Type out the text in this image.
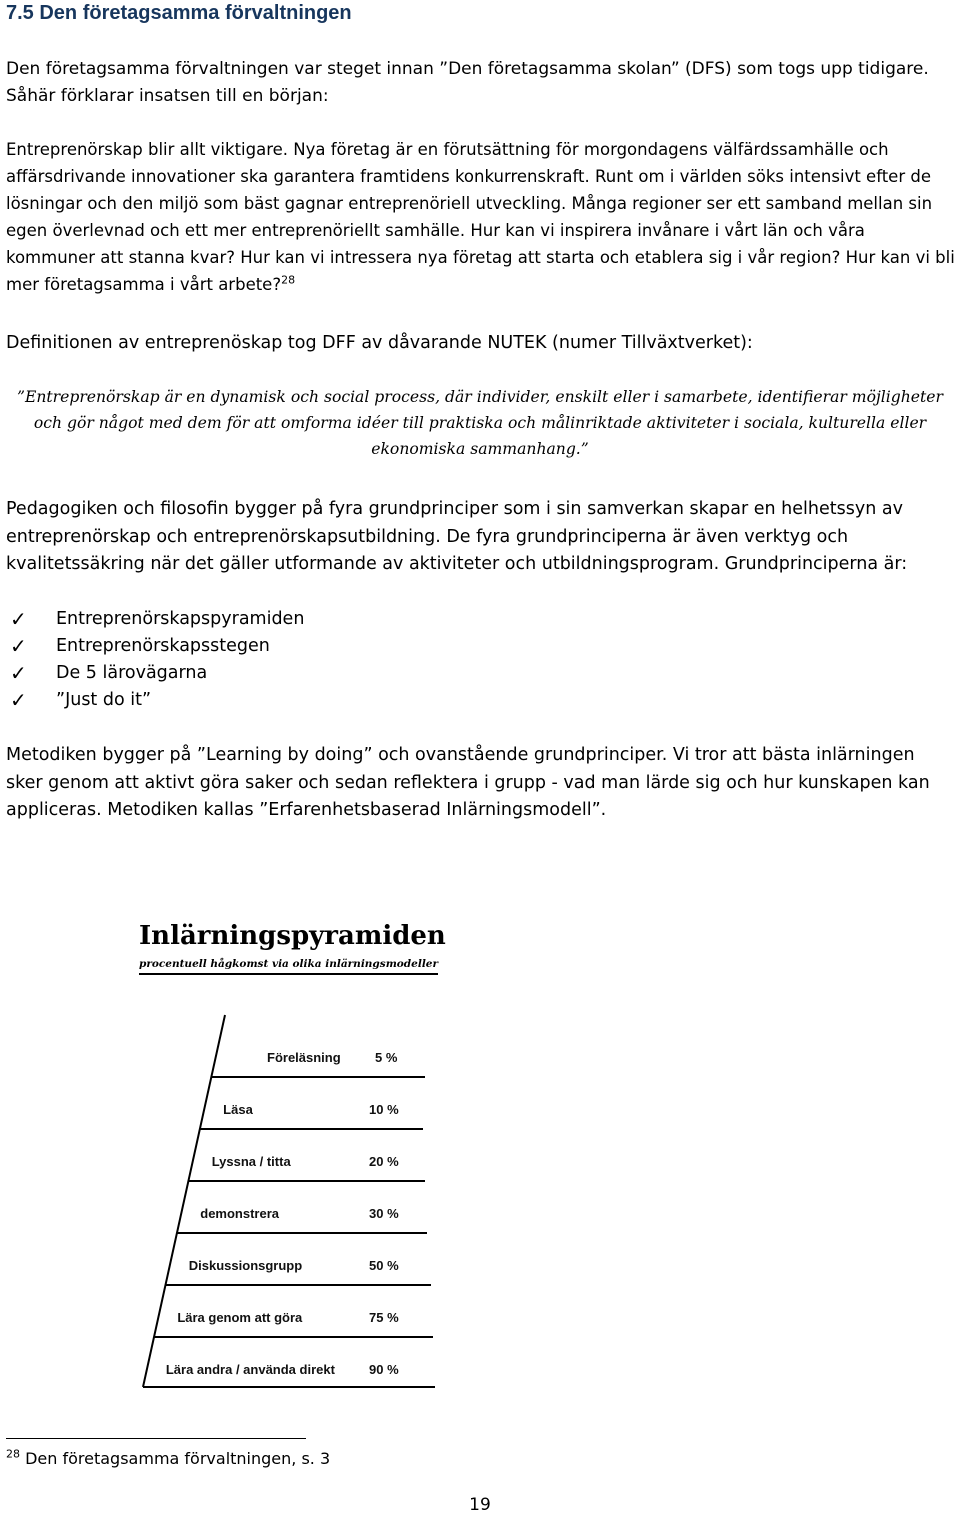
7.5 Den företagsamma förvaltningen

Den företagsamma förvaltningen var steget innan ”Den företagsamma skolan” (DFS) som togs upp tidigare. Såhär förklarar insatsen till en början:

Entreprenörskap blir allt viktigare. Nya företag är en förutsättning för morgondagens välfärdssamhälle och affärsdrivande innovationer ska garantera framtidens konkurrenskraft. Runt om i världen söks intensivt efter de lösningar och den miljö som bäst gagnar entreprenöriell utveckling. Många regioner ser ett samband mellan sin egen överlevnad och ett mer entreprenöriellt samhälle. Hur kan vi inspirera invånare i vårt län och våra kommuner att stanna kvar? Hur kan vi intressera nya företag att starta och etablera sig i vår region? Hur kan vi bli mer företagsamma i vårt arbete?$^{28}$

Definitionen av entreprenöskap tog DFF av dåvarande NUTEK (numer Tillväxtverket):

”Entreprenörskap är en dynamisk och social process, där individer, enskilt eller i samarbete, identifierar möjligheter och gör något med dem för att omforma idéer till praktiska och målinriktade aktiviteter i sociala, kulturella eller ekonomiska sammanhang.”

Pedagogiken och filosofin bygger på fyra grundprinciper som i sin samverkan skapar en helhetssyn av entreprenörskap och entreprenörskapsutbildning. De fyra grundprinciperna är även verktyg och kvalitetssäkring när det gäller utformande av aktiviteter och utbildningsprogram. Grundprinciperna är:

✓	Entreprenörskapspyramiden
✓	Entreprenörskapsstegen
✓	De 5 lärovägarna
✓	”Just do it”

Metodiken bygger på ”Learning by doing” och ovanstående grundprinciper. Vi tror att bästa inlärningen sker genom att aktivt göra saker och sedan reflektera i grupp - vad man lärde sig och hur kunskapen kan appliceras. Metodiken kallas ”Erfarenhetsbaserad Inlärningsmodell”.

Föreläsning	5 %
Läsa	10 %
Lyssna / titta	20 %
demonstrera	30 %
Diskussionsgrupp	50 %
Lära genom att göra	75 %
Lära andra / använda direkt	90 %

Inlärningspyramiden

procentuell hågkomst via olika inlärningsmodeller

$^{28}$ Den företagsamma förvaltningen, s. 3

19
